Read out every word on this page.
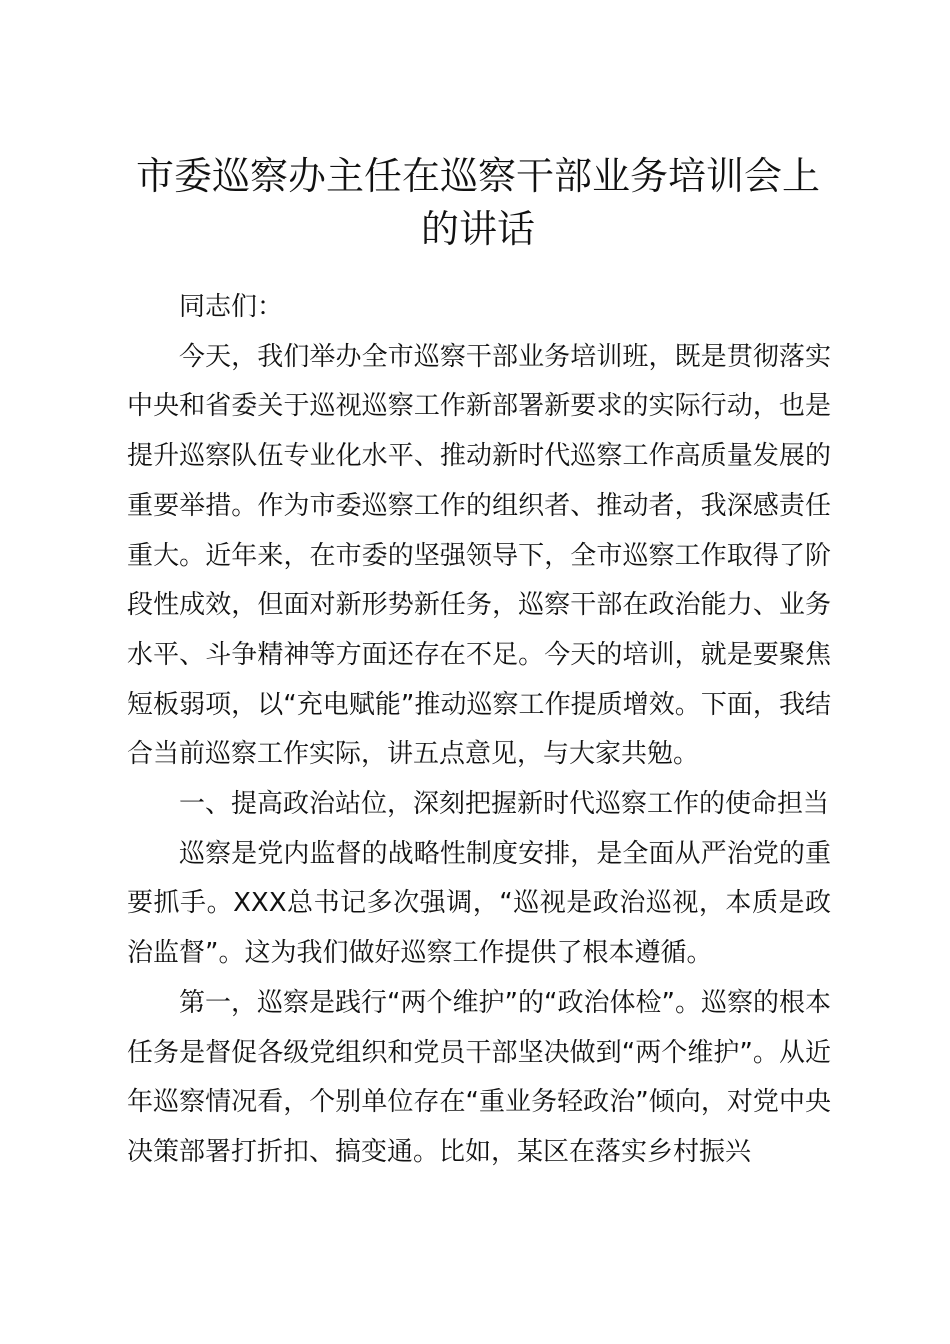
市委巡察办主任在巡察干部业务培训会上的讲话

同志们：

今天，我们举办全市巡察干部业务培训班，既是贯彻落实中央和省委关于巡视巡察工作新部署新要求的实际行动，也是提升巡察队伍专业化水平、推动新时代巡察工作高质量发展的重要举措。作为市委巡察工作的组织者、推动者，我深感责任重大。近年来，在市委的坚强领导下，全市巡察工作取得了阶段性成效，但面对新形势新任务，巡察干部在政治能力、业务水平、斗争精神等方面还存在不足。今天的培训，就是要聚焦短板弱项，以“充电赋能”推动巡察工作提质增效。下面，我结合当前巡察工作实际，讲五点意见，与大家共勉。

一、提高政治站位，深刻把握新时代巡察工作的使命担当

巡察是党内监督的战略性制度安排，是全面从严治党的重要抓手。XXX总书记多次强调，“巡视是政治巡视，本质是政治监督”。这为我们做好巡察工作提供了根本遵循。

第一，巡察是践行“两个维护”的“政治体检”。巡察的根本任务是督促各级党组织和党员干部坚决做到“两个维护”。从近年巡察情况看，个别单位存在“重业务轻政治”倾向，对党中央决策部署打折扣、搞变通。比如，某区在落实乡村振兴
